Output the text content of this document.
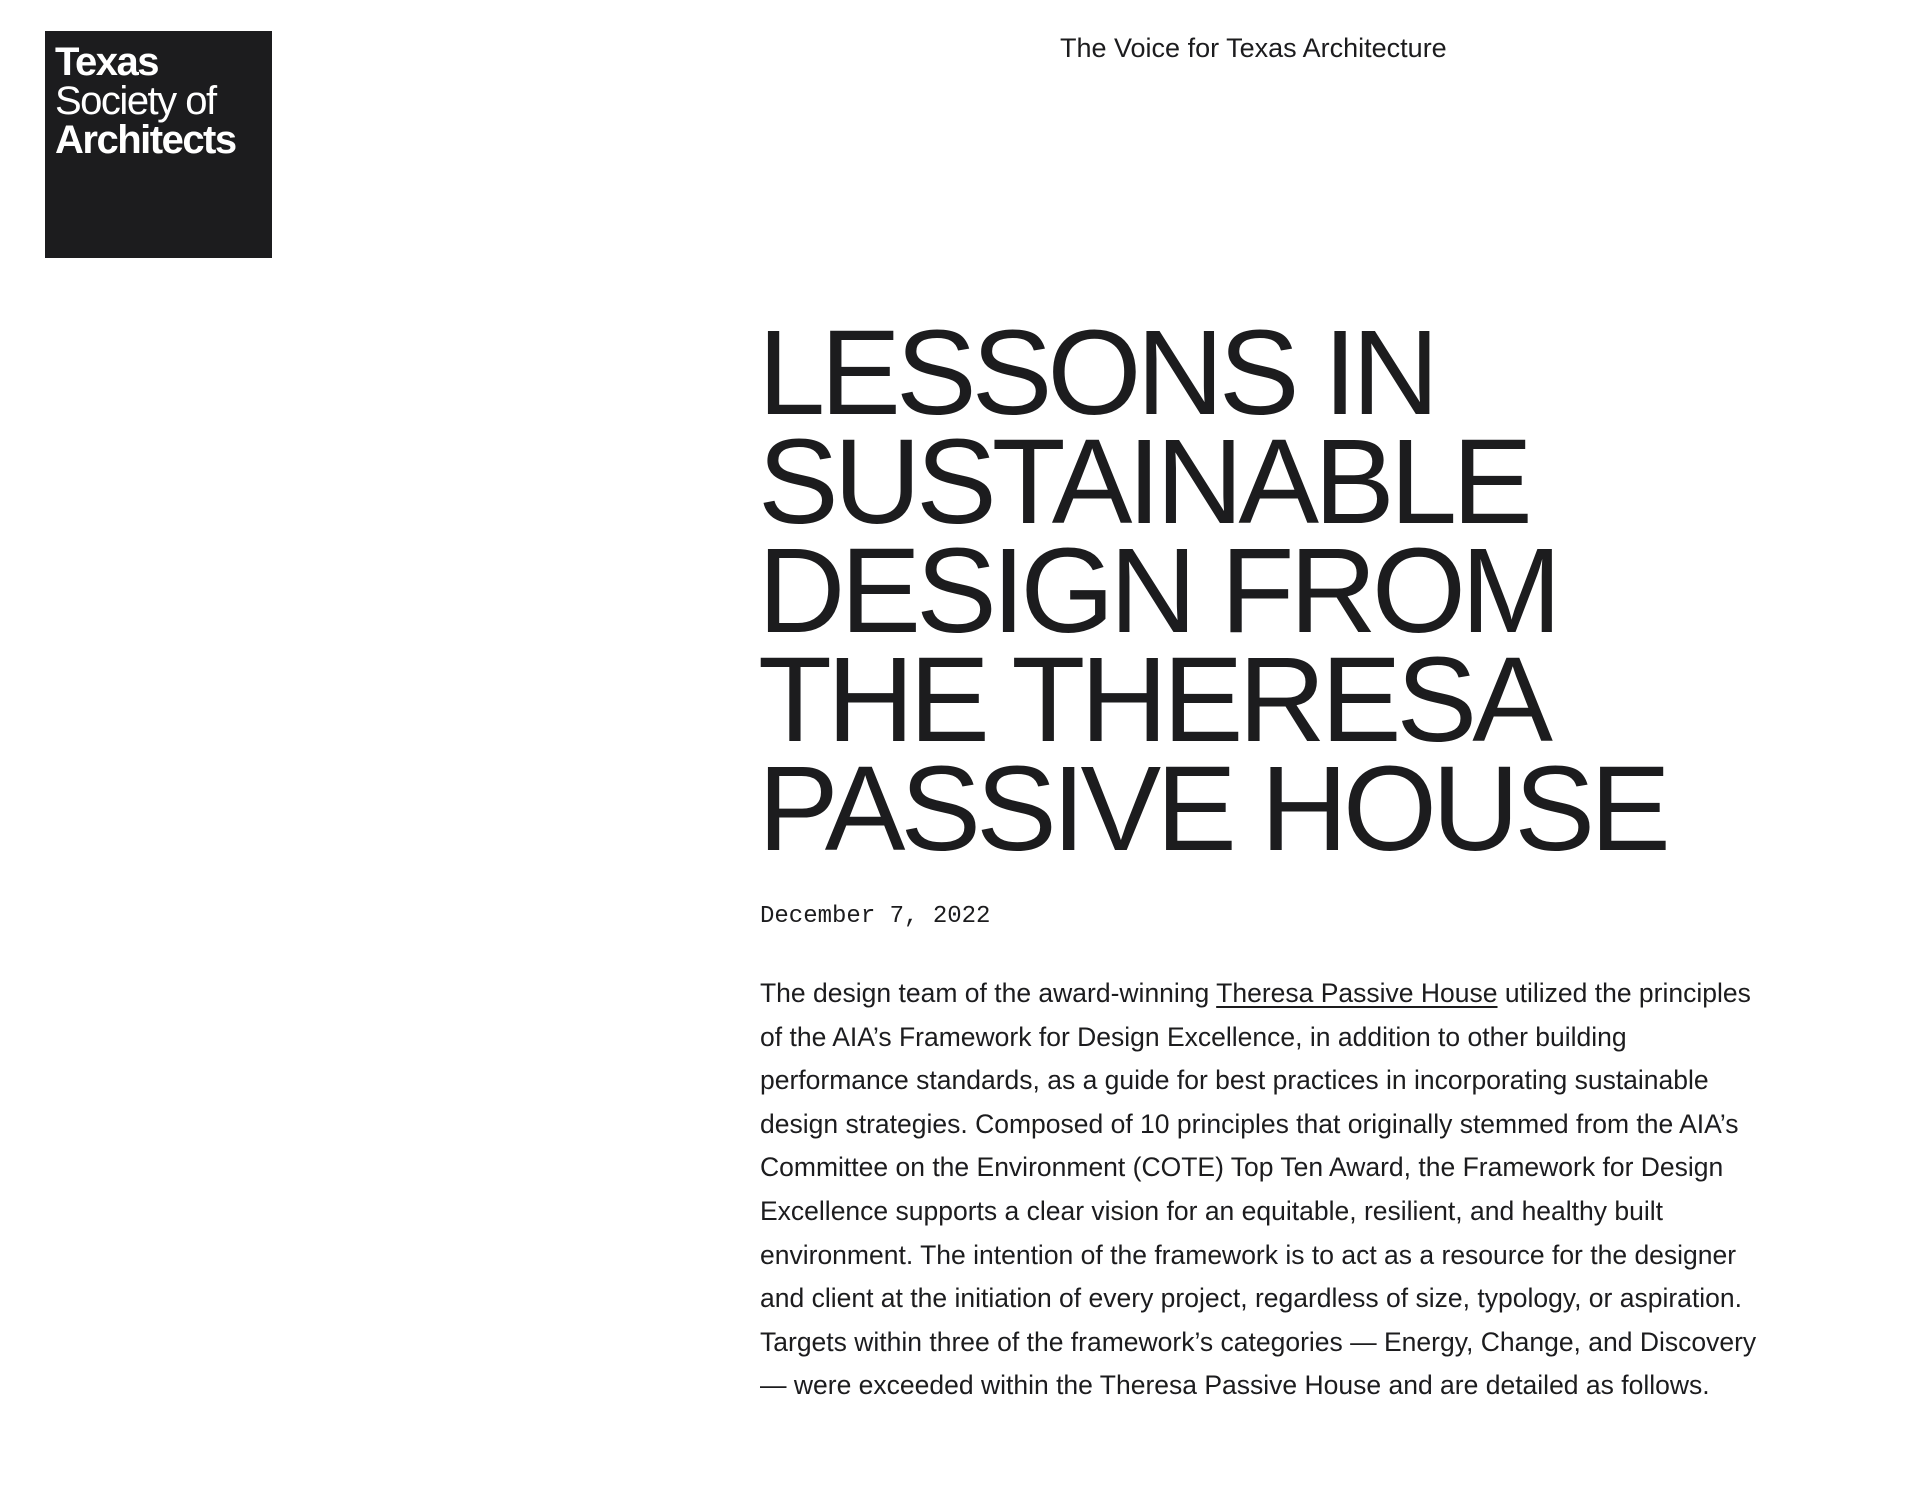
Texas
Society of
Architects
The Voice for Texas Architecture
LESSONS IN
SUSTAINABLE
DESIGN FROM
THE THERESA
PASSIVE HOUSE
December 7, 2022

The design team of the award-winning Theresa Passive House utilized the principles of the AIA’s Framework for Design Excellence, in addition to other building performance standards, as a guide for best practices in incorporating sustainable design strategies. Composed of 10 principles that originally stemmed from the AIA’s Committee on the Environment (COTE) Top Ten Award, the Framework for Design Excellence supports a clear vision for an equitable, resilient, and healthy built environment. The intention of the framework is to act as a resource for the designer and client at the initiation of every project, regardless of size, typology, or aspiration. Targets within three of the framework’s categories — Energy, Change, and Discovery — were exceeded within the Theresa Passive House and are detailed as follows.
